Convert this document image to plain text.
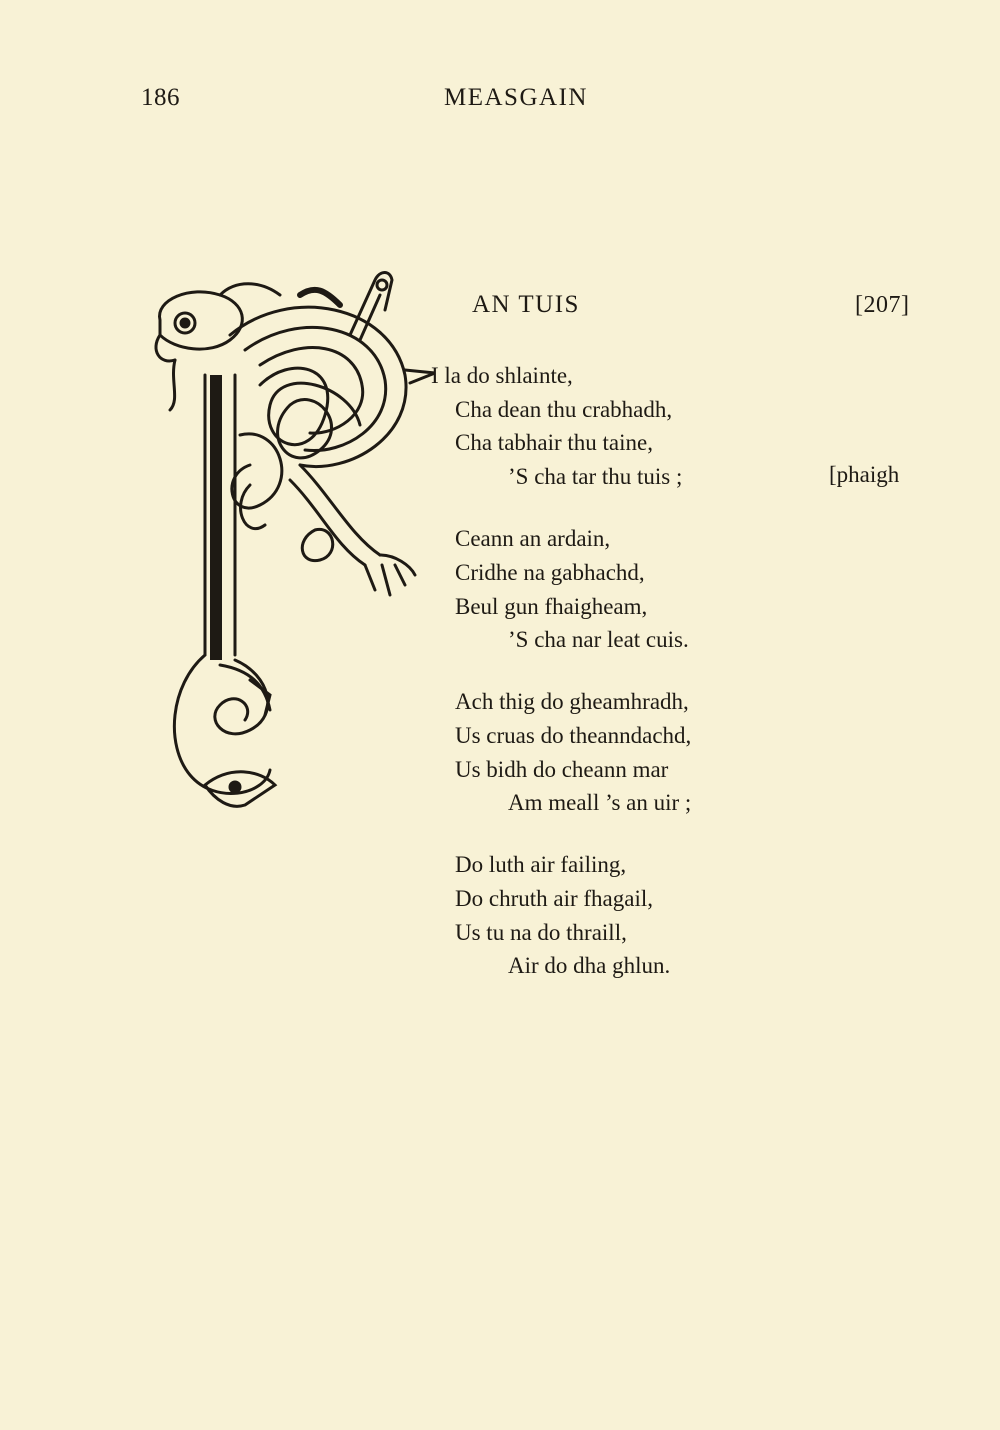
186	MEASGAIN
AN TUIS	[207]
[phaigh
I la do shlainte,
Cha dean thu crabhadh,
Cha tabhair thu taine,
’S cha tar thu tuis ;
Ceann an ardain,
Cridhe na gabhachd,
Beul gun fhaigheam,
’S cha nar leat cuis.
Ach thig do gheamhradh,
Us cruas do theanndachd,
Us bidh do cheann mar
Am meall ’s an uir ;
Do luth air failing,
Do chruth air fhagail,
Us tu na do thraill,
Air do dha ghlun.
